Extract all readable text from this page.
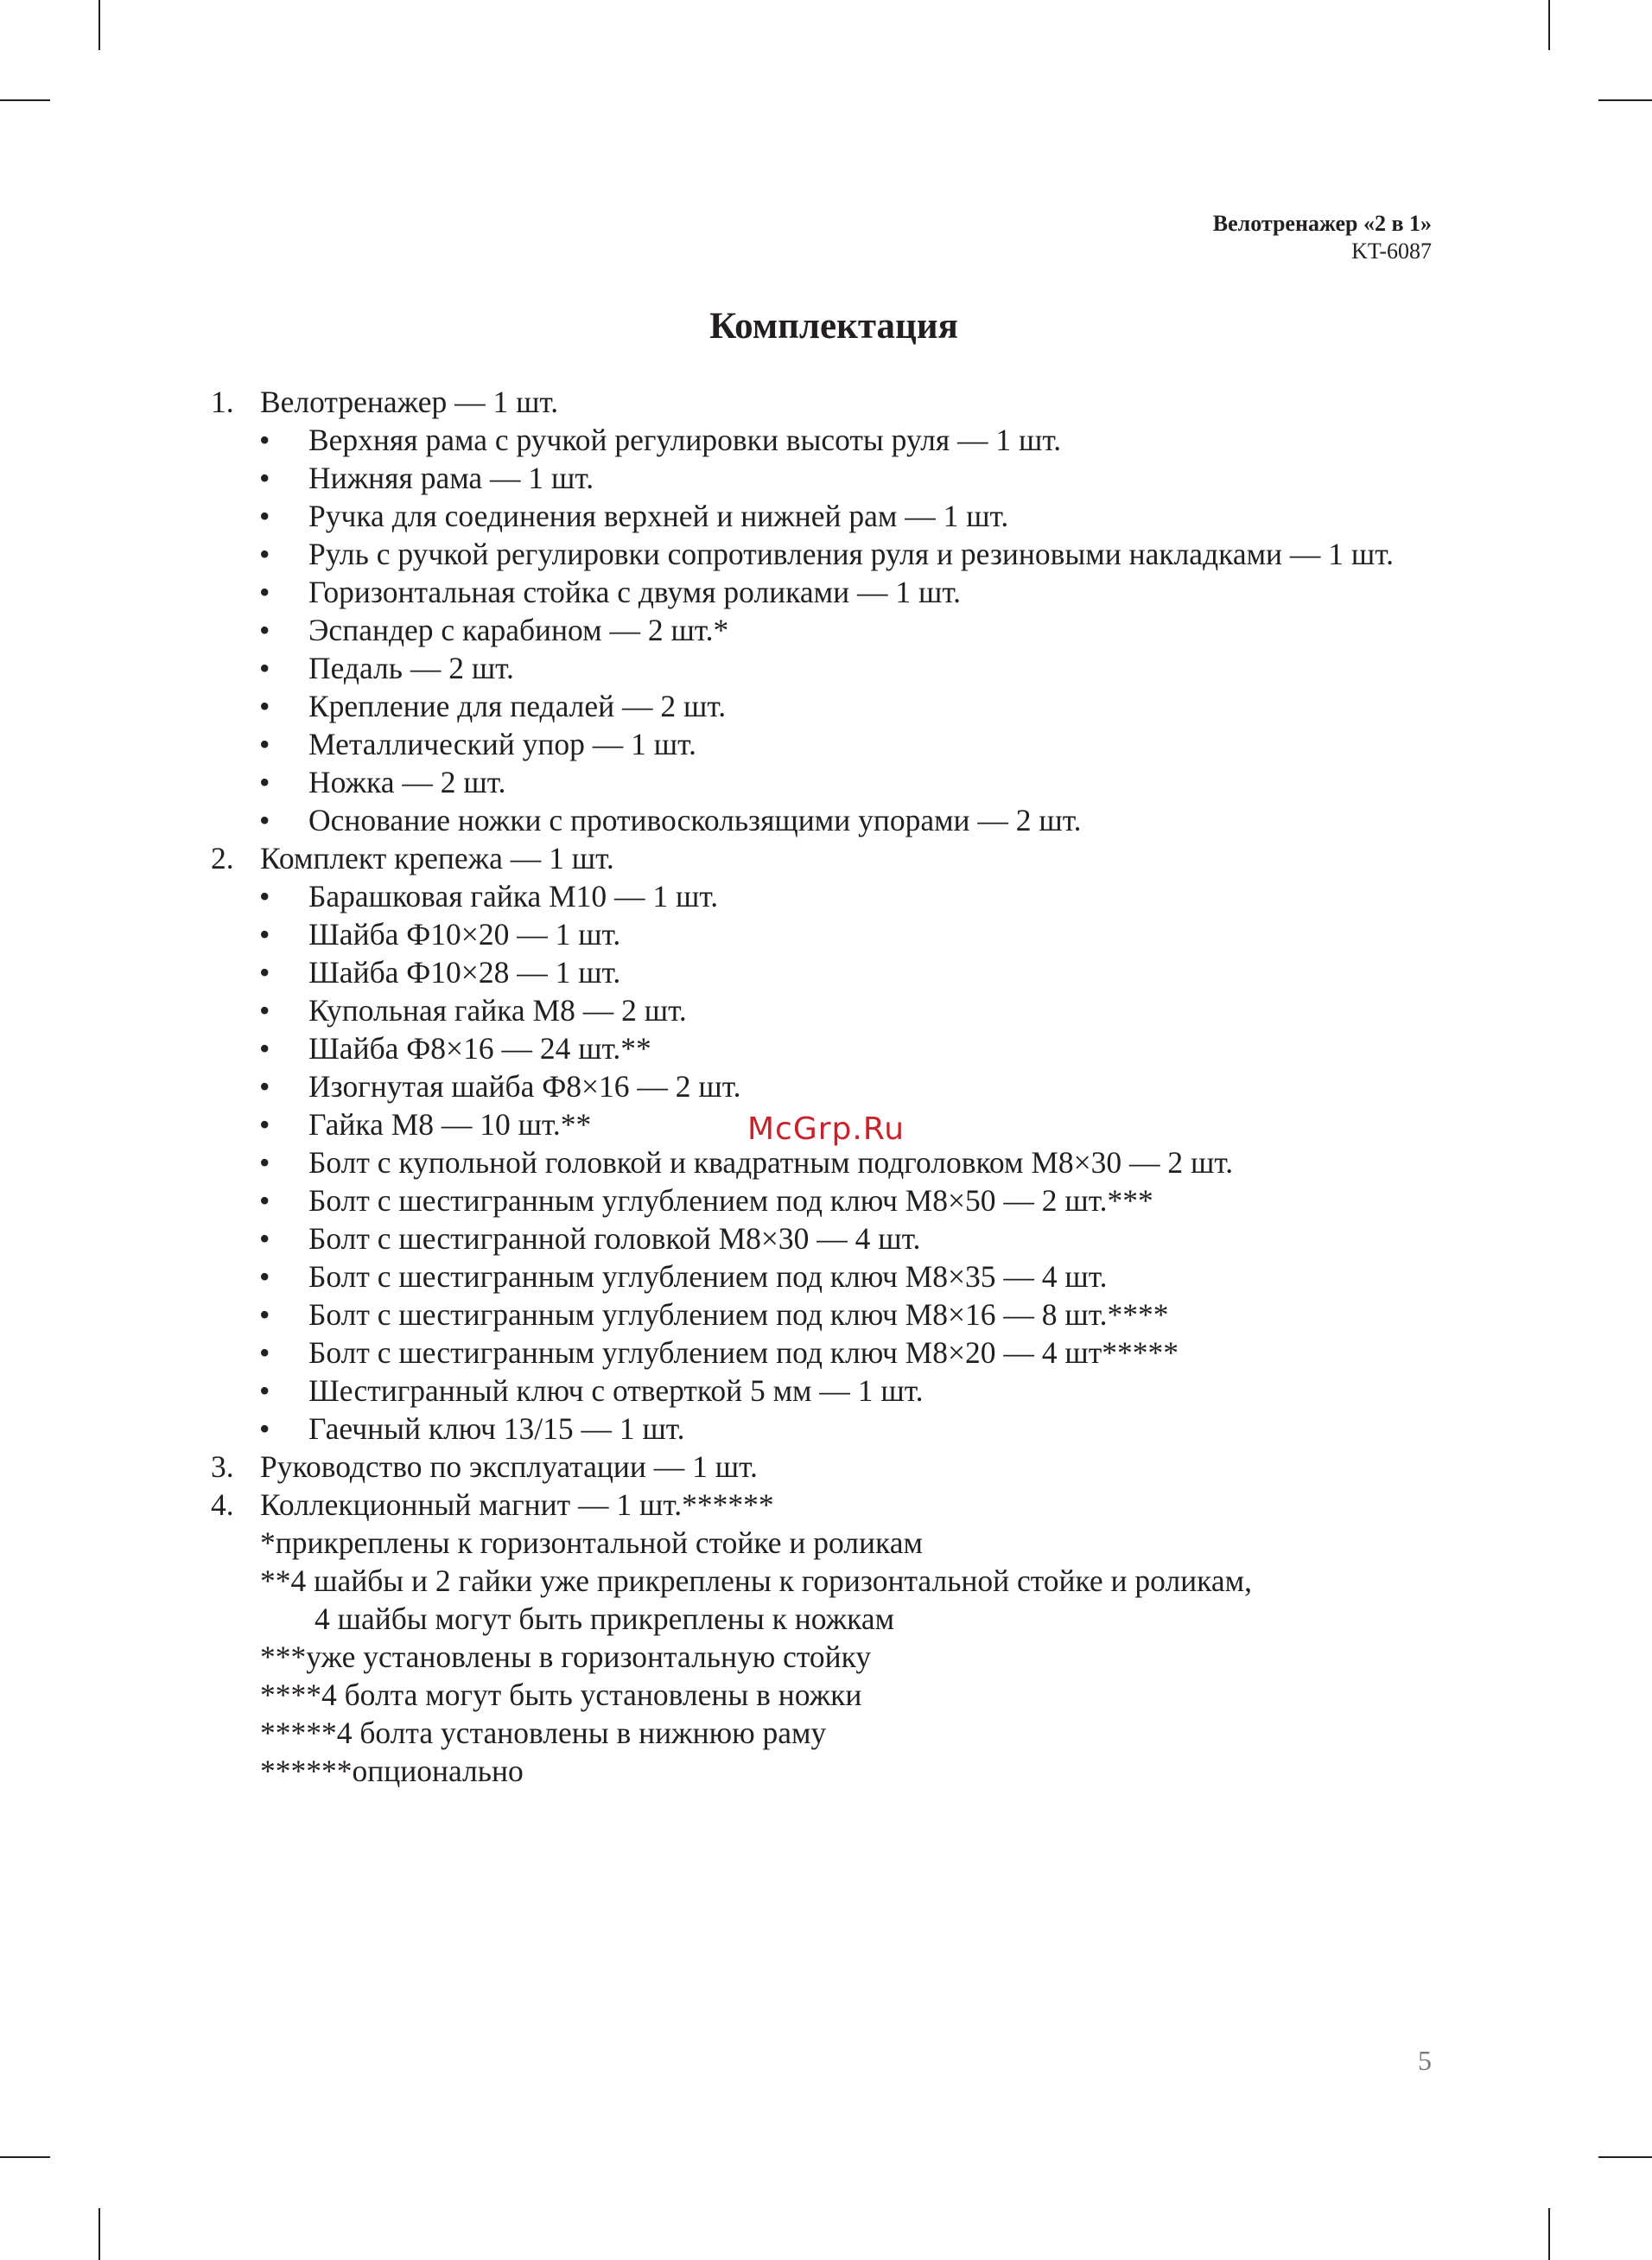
Велотренажер «2 в 1»
KT-6087
Комплектация
1. Велотренажер — 1 шт.
• Верхняя рама с ручкой регулировки высоты руля — 1 шт.
• Нижняя рама — 1 шт.
• Ручка для соединения верхней и нижней рам — 1 шт.
• Руль с ручкой регулировки сопротивления руля и резиновыми накладками — 1 шт.
• Горизонтальная стойка с двумя роликами — 1 шт.
• Эспандер с карабином — 2 шт.*
• Педаль — 2 шт.
• Крепление для педалей — 2 шт.
• Металлический упор — 1 шт.
• Ножка — 2 шт.
• Основание ножки с противоскользящими упорами — 2 шт.
2. Комплект крепежа — 1 шт.
• Барашковая гайка М10 — 1 шт.
• Шайба Ф10×20 — 1 шт.
• Шайба Ф10×28 — 1 шт.
• Купольная гайка М8 — 2 шт.
• Шайба Ф8×16 — 24 шт.**
• Изогнутая шайба Ф8×16 — 2 шт.
• Гайка М8 — 10 шт.**
• Болт с купольной головкой и квадратным подголовком М8×30 — 2 шт.
• Болт с шестигранным углублением под ключ М8×50 — 2 шт.***
• Болт с шестигранной головкой М8×30 — 4 шт.
• Болт с шестигранным углублением под ключ М8×35 — 4 шт.
• Болт с шестигранным углублением под ключ М8×16 — 8 шт.****
• Болт с шестигранным углублением под ключ М8×20 — 4 шт*****
• Шестигранный ключ с отверткой 5 мм — 1 шт.
• Гаечный ключ 13/15 — 1 шт.
3. Руководство по эксплуатации — 1 шт.
4. Коллекционный магнит — 1 шт.******
*прикреплены к горизонтальной стойке и роликам
**4 шайбы и 2 гайки уже прикреплены к горизонтальной стойке и роликам,
4 шайбы могут быть прикреплены к ножкам
***уже установлены в горизонтальную стойку
****4 болта могут быть установлены в ножки
*****4 болта установлены в нижнюю раму
******опционально
McGrp.Ru
5
